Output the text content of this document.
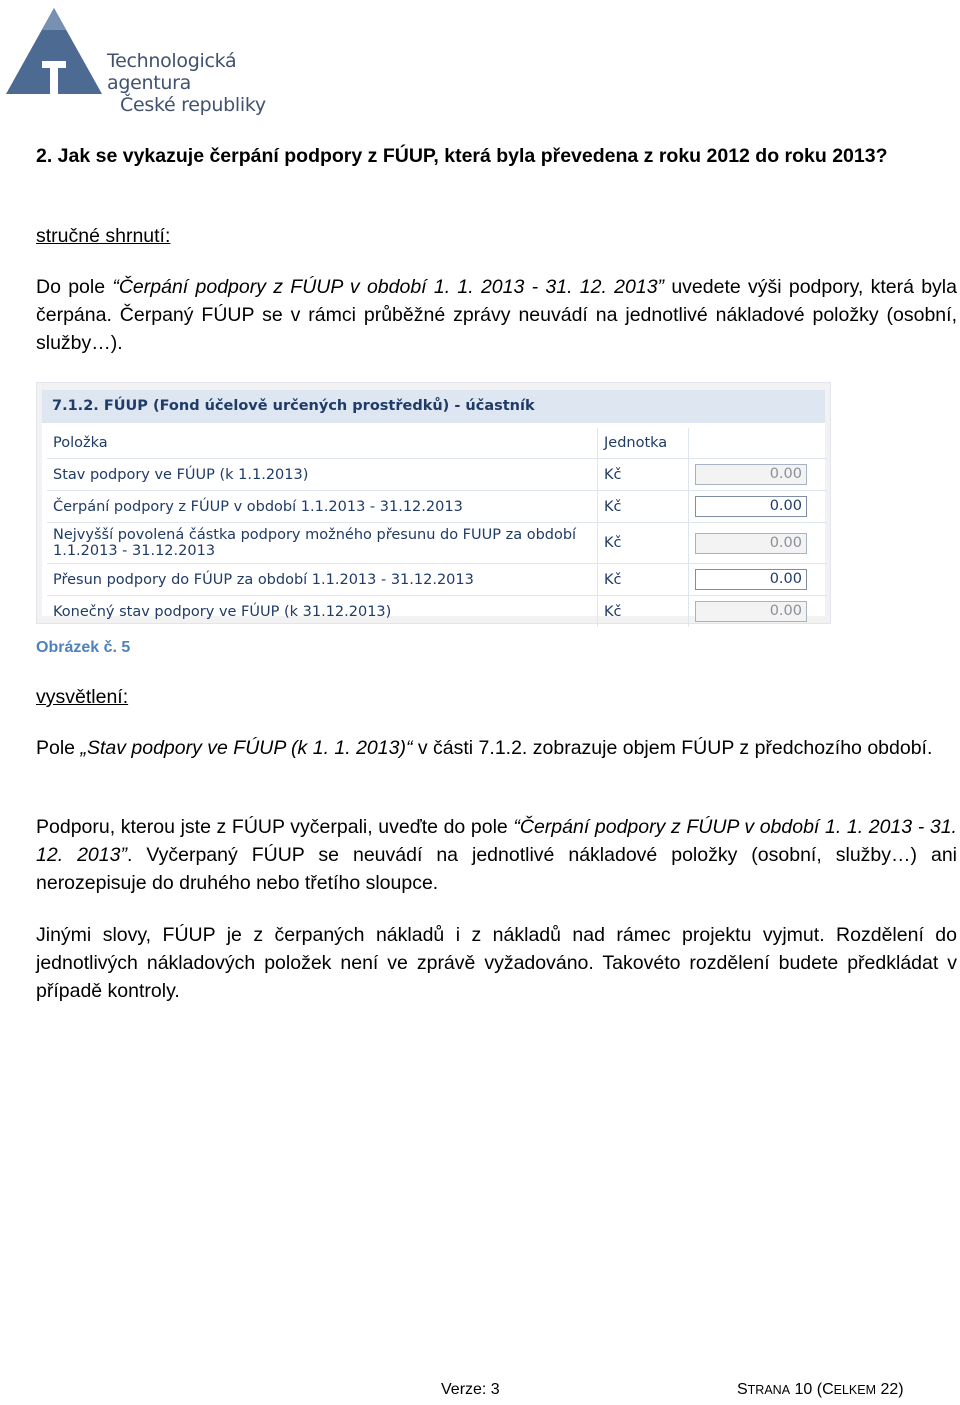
Technologická agentura
České republiky
2. Jak se vykazuje čerpání podpory z FÚUP, která byla převedena z roku 2012 do roku 2013?
stručné shrnutí:
Do pole “Čerpání podpory z FÚUP v období 1. 1. 2013 - 31. 12. 2013” uvedete výši podpory, která byla čerpána. Čerpaný FÚUP se v rámci průběžné zprávy neuvádí na jednotlivé nákladové položky (osobní, služby…).
7.1.2. FÚUP (Fond účelově určených prostředků) - účastník
Položka	Jednotka	
Stav podpory ve FÚUP (k 1.1.2013)	Kč	0.00

Čerpání podpory z FÚUP v období 1.1.2013 - 31.12.2013	Kč	0.00

Nejvyšší povolená částka podpory možného přesunu do FUUP za období 1.1.2013 - 31.12.2013	Kč	0.00

Přesun podpory do FÚUP za období 1.1.2013 - 31.12.2013	Kč	0.00

Konečný stav podpory ve FÚUP (k 31.12.2013)	Kč	0.00
Obrázek č. 5
vysvětlení:
Pole „Stav podpory ve FÚUP (k 1. 1. 2013)“ v části 7.1.2. zobrazuje objem FÚUP z předchozího období.
Podporu, kterou jste z FÚUP vyčerpali, uveďte do pole “Čerpání podpory z FÚUP v období 1. 1. 2013 - 31. 12. 2013”. Vyčerpaný FÚUP se neuvádí na jednotlivé nákladové položky (osobní, služby…) ani nerozepisuje do druhého nebo třetího sloupce.
Jinými slovy, FÚUP je z čerpaných nákladů i z nákladů nad rámec projektu vyjmut. Rozdělení do jednotlivých nákladových položek není ve zprávě vyžadováno. Takovéto rozdělení budete předkládat v případě kontroly.
Verze: 3	STRANA 10 (CELKEM 22)
